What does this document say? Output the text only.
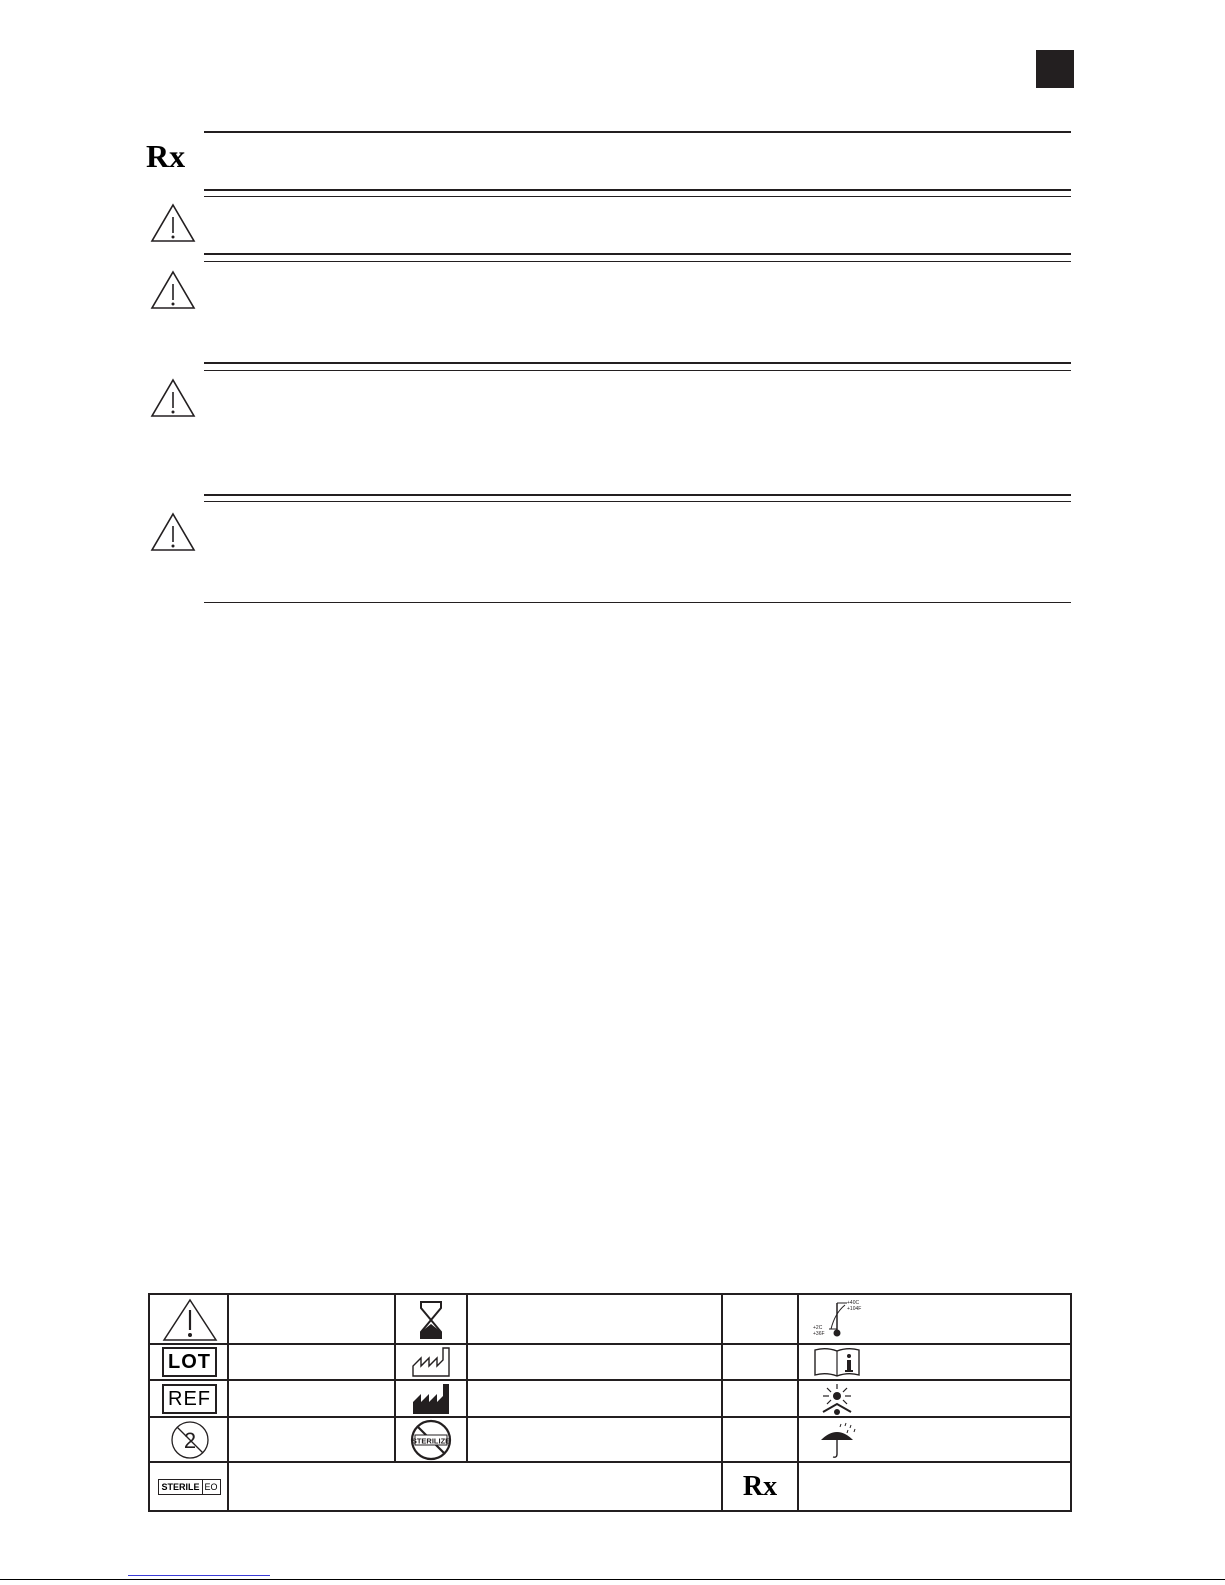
Rx
+40C
+104F
+2C
+36F
LOT
REF
2	STERILIZE
STERILE EO	Rx
